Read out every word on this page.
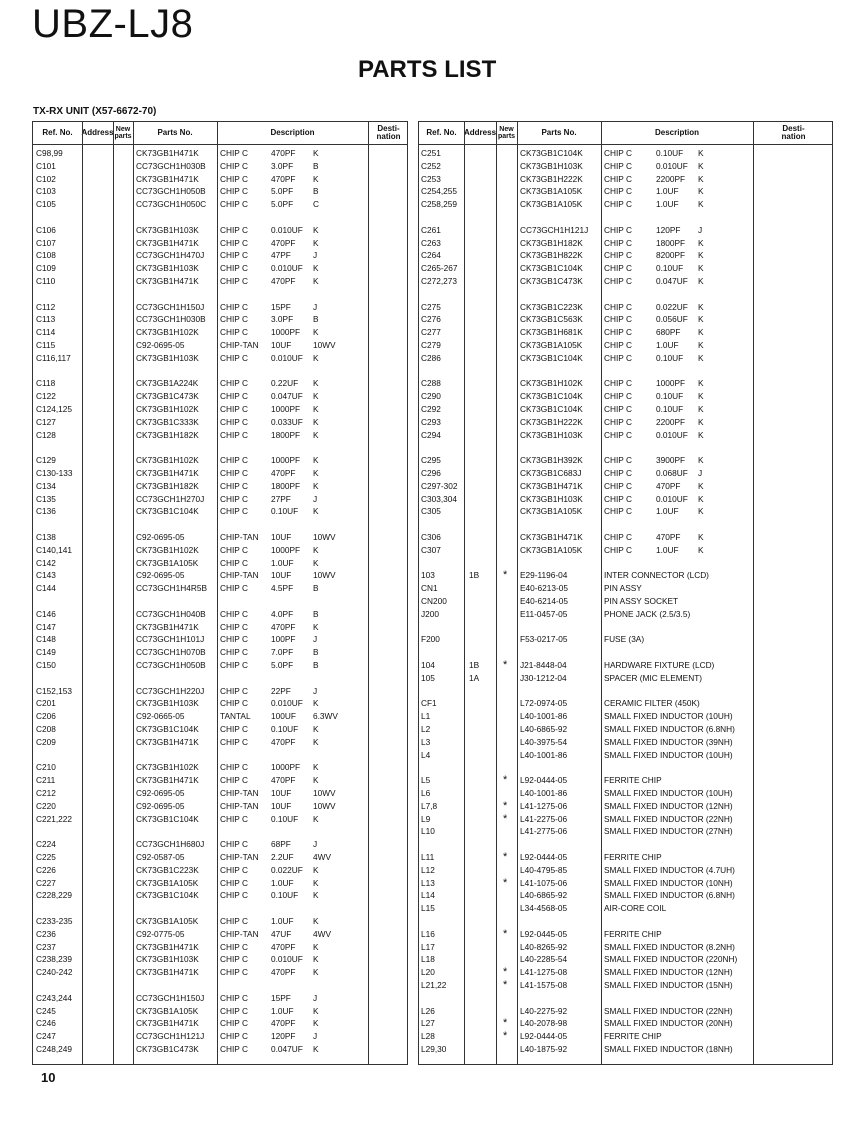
UBZ-LJ8
PARTS LIST
TX-RX UNIT (X57-6672-70)
Ref. No.	Address New parts	Parts No.	Description	Desti- nation
C98,99	CK73GB1H471K	CHIP C	470PF K
C101	CC73GCH1H030B CHIP C	3.0PF B
C102	CK73GB1H471K	CHIP C	470PF K
C103	CC73GCH1H050B CHIP C	5.0PF B
C105	CC73GCH1H050C CHIP C	5.0PF C
C106	CK73GB1H103K	CHIP C	0.010UF K
C107	CK73GB1H471K	CHIP C	470PF K
C108	CC73GCH1H470J CHIP C	47PF	J
C109	CK73GB1H103K	CHIP C	0.010UF K
C110	CK73GB1H471K	CHIP C	470PF K
C112	CC73GCH1H150J CHIP C	15PF	J
C113	CC73GCH1H030B CHIP C	3.0PF B
C114	CK73GB1H102K	CHIP C	1000PF K
C115	C92-0695-05	CHIP-TAN 10UF	10WV
C116,117	CK73GB1H103K	CHIP C	0.010UF K
C118	CK73GB1A224K	CHIP C	0.22UF K
C122	CK73GB1C473K	CHIP C	0.047UF K
C124,125	CK73GB1H102K	CHIP C	1000PF K
C127	CK73GB1C333K	CHIP C	0.033UF K
C128	CK73GB1H182K	CHIP C	1800PF K
C129	CK73GB1H102K	CHIP C	1000PF K
C130-133	CK73GB1H471K	CHIP C	470PF K
C134	CK73GB1H182K	CHIP C	1800PF K
C135	CC73GCH1H270J CHIP C	27PF	J
C136	CK73GB1C104K	CHIP C	0.10UF K
C138	C92-0695-05	CHIP-TAN 10UF	10WV
C140,141	CK73GB1H102K	CHIP C	1000PF K
C142	CK73GB1A105K	CHIP C	1.0UF K
C143	C92-0695-05	CHIP-TAN 10UF	10WV
C144	CC73GCH1H4R5B CHIP C	4.5PF B
C146	CC73GCH1H040B CHIP C	4.0PF B
C147	CK73GB1H471K	CHIP C	470PF K
C148	CC73GCH1H101J CHIP C	100PF J
C149	CC73GCH1H070B CHIP C	7.0PF B
C150	CC73GCH1H050B CHIP C	5.0PF B
C152,153	CC73GCH1H220J CHIP C	22PF	J
C201	CK73GB1H103K	CHIP C	0.010UF K
C206	C92-0665-05	TANTAL 100UF 6.3WV
C208	CK73GB1C104K	CHIP C	0.10UF K
C209	CK73GB1H471K	CHIP C	470PF K
C210	CK73GB1H102K	CHIP C	1000PF K
C211	CK73GB1H471K	CHIP C	470PF K
C212	C92-0695-05	CHIP-TAN 10UF	10WV
C220	C92-0695-05	CHIP-TAN 10UF	10WV
C221,222	CK73GB1C104K	CHIP C	0.10UF K
C224	CC73GCH1H680J CHIP C	68PF	J
C225	C92-0587-05	CHIP-TAN 2.2UF 4WV
C226	CK73GB1C223K	CHIP C	0.022UF K
C227	CK73GB1A105K	CHIP C	1.0UF K
C228,229	CK73GB1C104K	CHIP C	0.10UF K
C233-235	CK73GB1A105K	CHIP C	1.0UF K
C236	C92-0775-05	CHIP-TAN 47UF	4WV
C237	CK73GB1H471K	CHIP C	470PF K
C238,239	CK73GB1H103K	CHIP C	0.010UF K
C240-242	CK73GB1H471K	CHIP C	470PF K
C243,244	CC73GCH1H150J CHIP C	15PF	J
C245	CK73GB1A105K	CHIP C	1.0UF K
C246	CK73GB1H471K	CHIP C	470PF K
C247	CC73GCH1H121J CHIP C	120PF J
C248,249	CK73GB1C473K	CHIP C	0.047UF K
Ref. No. Address New parts	Parts No.	Description	Desti- nation
C251	CK73GB1C104K	CHIP C	0.10UF K
C252	CK73GB1H103K	CHIP C	0.010UF K
C253	CK73GB1H222K	CHIP C	2200PF K
C254,255	CK73GB1A105K	CHIP C	1.0UF K
C258,259	CK73GB1A105K	CHIP C	1.0UF K
C261	CC73GCH1H121J CHIP C	120PF J
C263	CK73GB1H182K	CHIP C	1800PF K
C264	CK73GB1H822K	CHIP C	8200PF K
C265-267	CK73GB1C104K	CHIP C	0.10UF K
C272,273	CK73GB1C473K	CHIP C	0.047UF K
C275	CK73GB1C223K	CHIP C	0.022UF K
C276	CK73GB1C563K	CHIP C	0.056UF K
C277	CK73GB1H681K	CHIP C	680PF K
C279	CK73GB1A105K	CHIP C	1.0UF K
C286	CK73GB1C104K	CHIP C	0.10UF K
C288	CK73GB1H102K	CHIP C	1000PF K
C290	CK73GB1C104K	CHIP C	0.10UF K
C292	CK73GB1C104K	CHIP C	0.10UF K
C293	CK73GB1H222K	CHIP C	2200PF K
C294	CK73GB1H103K	CHIP C	0.010UF K
C295	CK73GB1H392K	CHIP C	3900PF K
C296	CK73GB1C683J	CHIP C	0.068UF J
C297-302	CK73GB1H471K	CHIP C	470PF K
C303,304	CK73GB1H103K	CHIP C	0.010UF K
C305	CK73GB1A105K	CHIP C	1.0UF K
C306	CK73GB1H471K	CHIP C	470PF K
C307	CK73GB1A105K	CHIP C	1.0UF K
103	1B * E29-1196-04	INTER CONNECTOR (LCD)
CN1	E40-6213-05	PIN ASSY
CN200	E40-6214-05	PIN ASSY SOCKET
J200	E11-0457-05	PHONE JACK (2.5/3.5)
F200	F53-0217-05	FUSE (3A)
104	1B * J21-8448-04	HARDWARE FIXTURE (LCD)
105	1A	J30-1212-04	SPACER (MIC ELEMENT)
CF1	L72-0974-05	CERAMIC FILTER (450K)
L1	L40-1001-86	SMALL FIXED INDUCTOR (10UH)
L2	L40-6865-92	SMALL FIXED INDUCTOR (6.8NH)
L3	L40-3975-54	SMALL FIXED INDUCTOR (39NH)
L4	L40-1001-86	SMALL FIXED INDUCTOR (10UH)
L5	* L92-0444-05	FERRITE CHIP
L6	L40-1001-86	SMALL FIXED INDUCTOR (10UH)
L7,8	* L41-1275-06	SMALL FIXED INDUCTOR (12NH)
L9	* L41-2275-06	SMALL FIXED INDUCTOR (22NH)
L10	L41-2775-06	SMALL FIXED INDUCTOR (27NH)
L11	* L92-0444-05	FERRITE CHIP
L12	L40-4795-85	SMALL FIXED INDUCTOR (4.7UH)
L13	* L41-1075-06	SMALL FIXED INDUCTOR (10NH)
L14	L40-6865-92	SMALL FIXED INDUCTOR (6.8NH)
L15	L34-4568-05	AIR-CORE COIL
L16	* L92-0445-05	FERRITE CHIP
L17	L40-8265-92	SMALL FIXED INDUCTOR (8.2NH)
L18	L40-2285-54	SMALL FIXED INDUCTOR (220NH)
L20	* L41-1275-08	SMALL FIXED INDUCTOR (12NH)
L21,22	* L41-1575-08	SMALL FIXED INDUCTOR (15NH)
L26	L40-2275-92	SMALL FIXED INDUCTOR (22NH)
L27	* L40-2078-98	SMALL FIXED INDUCTOR (20NH)
L28	* L92-0444-05	FERRITE CHIP
L29,30	L40-1875-92	SMALL FIXED INDUCTOR (18NH)
10
